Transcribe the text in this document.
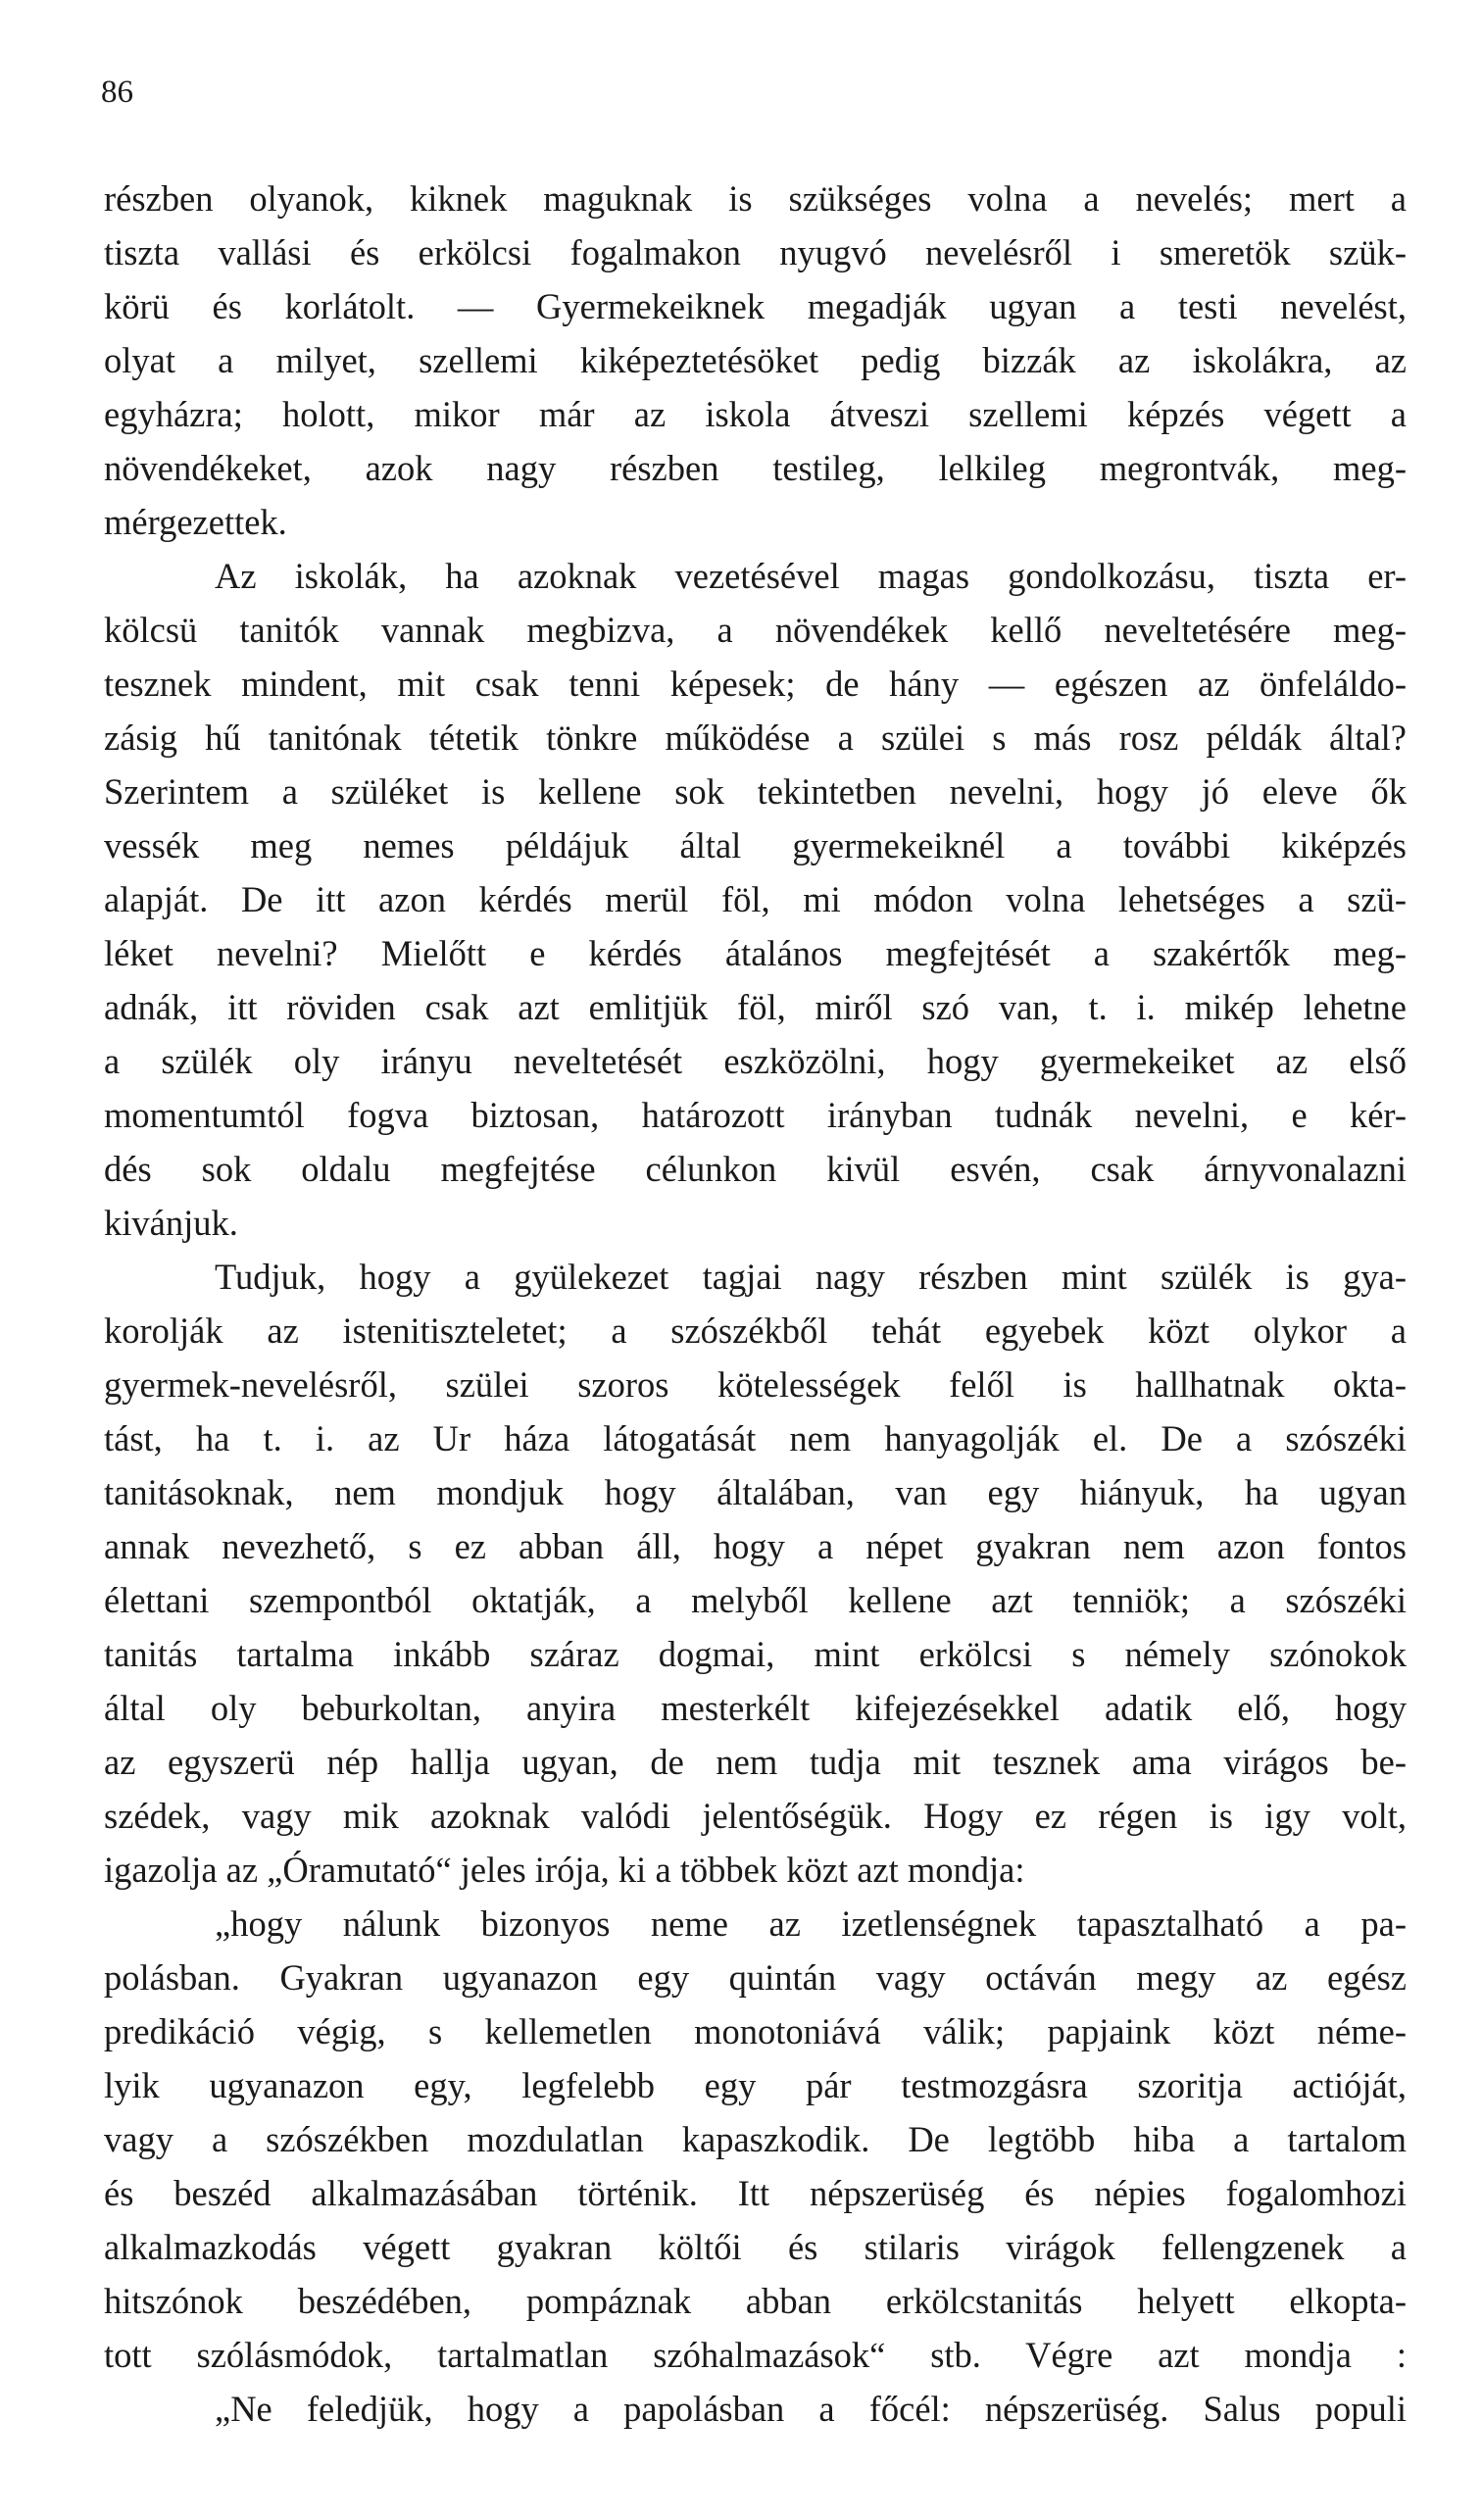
86
részben olyanok, kiknek maguknak is szükséges volna a nevelés; mert a
tiszta vallási és erkölcsi fogalmakon nyugvó nevelésről i smeretök szük-
körü és korlátolt. — Gyermekeiknek megadják ugyan a testi nevelést,
olyat a milyet, szellemi kiképeztetésöket pedig bizzák az iskolákra, az
egyházra; holott, mikor már az iskola átveszi szellemi képzés végett a
növendékeket, azok nagy részben testileg, lelkileg megrontvák, meg-
mérgezettek.
Az iskolák, ha azoknak vezetésével magas gondolkozásu, tiszta er-
kölcsü tanitók vannak megbizva, a növendékek kellő neveltetésére meg-
tesznek mindent, mit csak tenni képesek; de hány — egészen az önfeláldo-
zásig hű tanitónak tétetik tönkre működése a szülei s más rosz példák által?
Szerintem a szüléket is kellene sok tekintetben nevelni, hogy jó eleve ők
vessék meg nemes példájuk által gyermekeiknél a további kiképzés
alapját. De itt azon kérdés merül föl, mi módon volna lehetséges a szü-
léket nevelni? Mielőtt e kérdés átalános megfejtését a szakértők meg-
adnák, itt röviden csak azt emlitjük föl, miről szó van, t. i. mikép lehetne
a szülék oly irányu neveltetését eszközölni, hogy gyermekeiket az első
momentumtól fogva biztosan, határozott irányban tudnák nevelni, e kér-
dés sok oldalu megfejtése célunkon kivül esvén, csak árnyvonalazni
kivánjuk.
Tudjuk, hogy a gyülekezet tagjai nagy részben mint szülék is gya-
korolják az istenitiszteletet; a szószékből tehát egyebek közt olykor a
gyermek-nevelésről, szülei szoros kötelességek felől is hallhatnak okta-
tást, ha t. i. az Ur háza látogatását nem hanyagolják el. De a szószéki
tanitásoknak, nem mondjuk hogy általában, van egy hiányuk, ha ugyan
annak nevezhető, s ez abban áll, hogy a népet gyakran nem azon fontos
élettani szempontból oktatják, a melyből kellene azt tenniök; a szószéki
tanitás tartalma inkább száraz dogmai, mint erkölcsi s némely szónokok
által oly beburkoltan, anyira mesterkélt kifejezésekkel adatik elő, hogy
az egyszerü nép hallja ugyan, de nem tudja mit tesznek ama virágos be-
szédek, vagy mik azoknak valódi jelentőségük. Hogy ez régen is igy volt,
igazolja az „Óramutató“ jeles irója, ki a többek közt azt mondja:
„hogy nálunk bizonyos neme az izetlenségnek tapasztalható a pa-
polásban. Gyakran ugyanazon egy quintán vagy octáván megy az egész
predikáció végig, s kellemetlen monotoniává válik; papjaink közt néme-
lyik ugyanazon egy, legfelebb egy pár testmozgásra szoritja actióját,
vagy a szószékben mozdulatlan kapaszkodik. De legtöbb hiba a tartalom
és beszéd alkalmazásában történik. Itt népszerüség és népies fogalomhozi
alkalmazkodás végett gyakran költői és stilaris virágok fellengzenek a
hitszónok beszédében, pompáznak abban erkölcstanitás helyett elkopta-
tott szólásmódok, tartalmatlan szóhalmazások“ stb. Végre azt mondja :
„Ne feledjük, hogy a papolásban a főcél: népszerüség. Salus populi
